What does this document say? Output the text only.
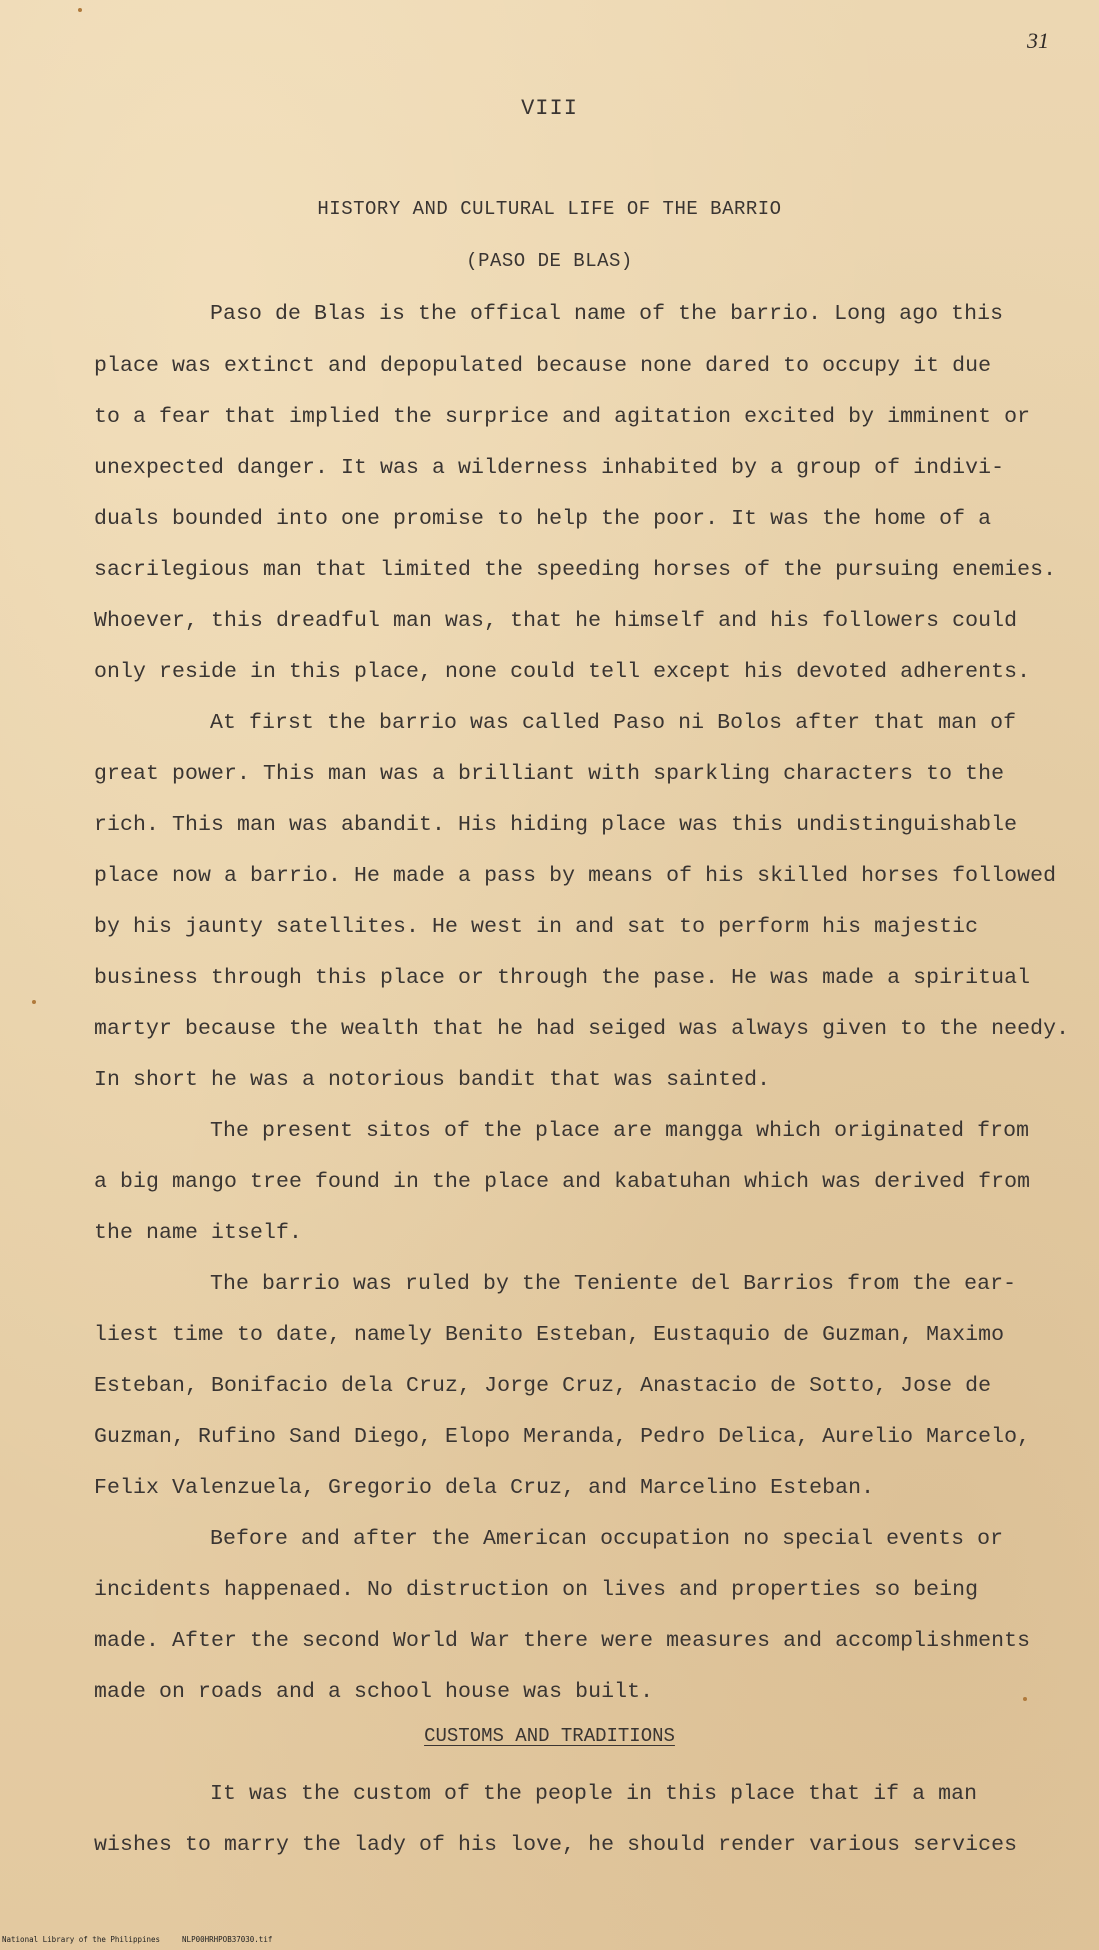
31
VIII
HISTORY AND CULTURAL LIFE OF THE BARRIO
(PASO DE BLAS)
Paso de Blas is the offical name of the barrio. Long ago this
place was extinct and depopulated because none dared to occupy it due
to a fear that implied the surprice and agitation excited by imminent or
unexpected danger. It was a wilderness inhabited by a group of indivi-
duals bounded into one promise to help the poor. It was the home of a
sacrilegious man that limited the speeding horses of the pursuing enemies.
Whoever, this dreadful man was, that he himself and his followers could
only reside in this place, none could tell except his devoted adherents.
At first the barrio was called Paso ni Bolos after that man of
great power. This man was a brilliant with sparkling characters to the
rich. This man was abandit. His hiding place was this undistinguishable
place now a barrio. He made a pass by means of his skilled horses followed
by his jaunty satellites. He west in and sat to perform his majestic
business through this place or through the pase. He was made a spiritual
martyr because the wealth that he had seiged was always given to the needy.
In short he was a notorious bandit that was sainted.
The present sitos of the place are mangga which originated from
a big mango tree found in the place and kabatuhan which was derived from
the name itself.
The barrio was ruled by the Teniente del Barrios from the ear-
liest time to date, namely Benito Esteban, Eustaquio de Guzman, Maximo
Esteban, Bonifacio dela Cruz, Jorge Cruz, Anastacio de Sotto, Jose de
Guzman, Rufino Sand Diego, Elopo Meranda, Pedro Delica, Aurelio Marcelo,
Felix Valenzuela, Gregorio dela Cruz, and Marcelino Esteban.
Before and after the American occupation no special events or
incidents happenaed. No distruction on lives and properties so being
made. After the second World War there were measures and accomplishments
made on roads and a school house was built.
CUSTOMS AND TRADITIONS
It was the custom of the people in this place that if a man
wishes to marry the lady of his love, he should render various services
National Library of the Philippines	NLP00HRHPOB37030.tif
